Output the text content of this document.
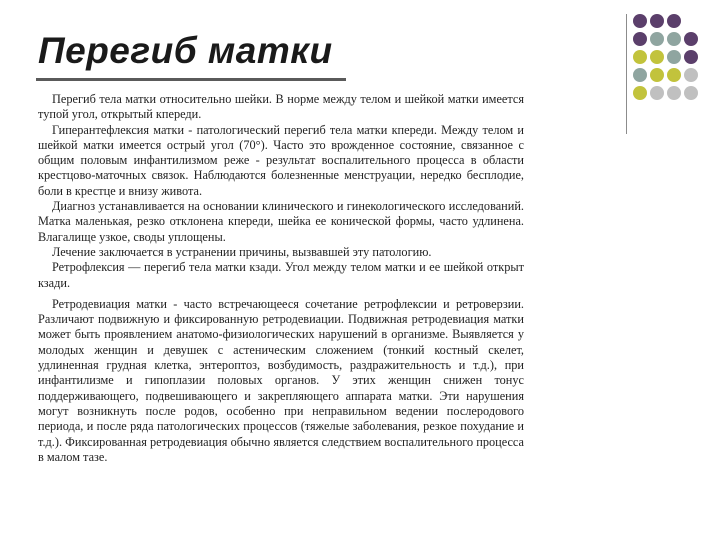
Перегиб матки

Перегиб тела матки относительно шейки. В норме между телом и шейкой матки имеется тупой угол, открытый кпереди.

Гиперантефлексия матки - патологический перегиб тела матки кпереди. Между телом и шейкой матки имеется острый угол (70°). Часто это врожденное состояние, связанное с общим половым инфантилизмом реже - результат воспалительного процесса в области крестцово-маточных связок. Наблюдаются болезненные менструации, нередко бесплодие, боли в крестце и внизу живота.

Диагноз устанавливается на основании клинического и гинекологического исследований. Матка маленькая, резко отклонена кпереди, шейка ее конической формы, часто удлинена. Влагалище узкое, своды уплощены.

Лечение заключается в устранении причины, вызвавшей эту патологию.

Ретрофлексия — перегиб тела матки кзади. Угол между телом матки и ее шейкой открыт кзади.

Ретродевиация матки - часто встречающееся сочетание ретрофлексии и ретроверзии. Различают подвижную и фиксированную ретродевиации. Подвижная ретродевиация матки может быть проявлением анатомо-физиологических нарушений в организме. Выявляется у молодых женщин и девушек с астеническим сложением (тонкий костный скелет, удлиненная грудная клетка, энтероптоз, возбудимость, раздражительность и т.д.), при инфантилизме и гипоплазии половых органов. У этих женщин снижен тонус поддерживающего, подвешивающего и закрепляющего аппарата матки. Эти нарушения могут возникнуть после родов, особенно при неправильном ведении послеродового периода, и после ряда патологических процессов (тяжелые заболевания, резкое похудание и т.д.). Фиксированная ретродевиация обычно является следствием воспалительного процесса в малом тазе.
